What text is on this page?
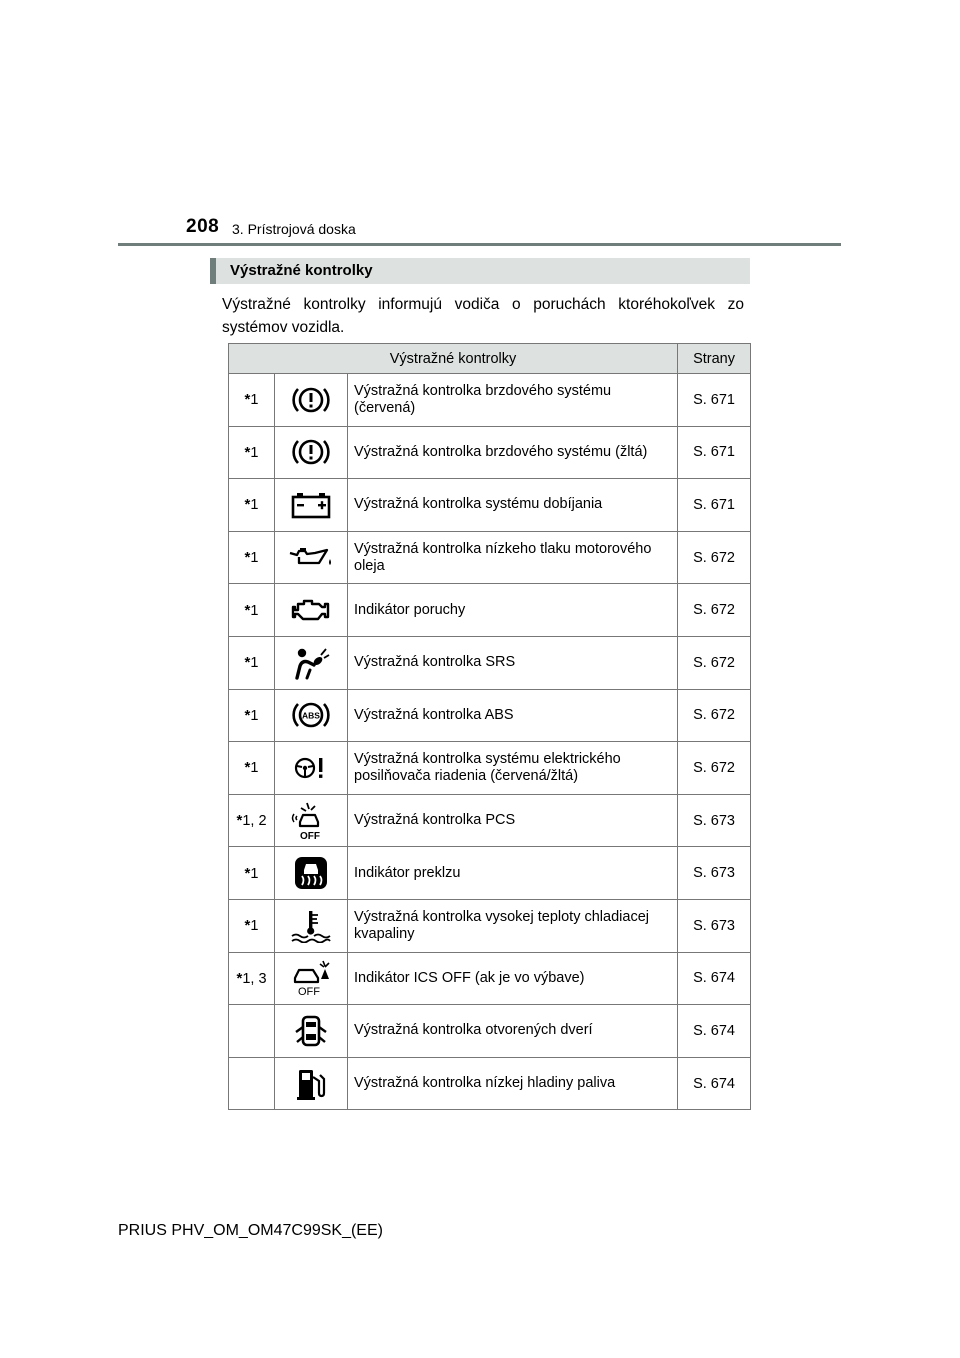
208 3. Prístrojová doska
Výstražné kontrolky
Výstražné kontrolky informujú vodiča o poruchách ktoréhokoľvek zo systémov vozidla.
Výstražné kontrolky			Strany
*1		Výstražná kontrolka brzdového systému (červená)	S. 671
*1		Výstražná kontrolka brzdového systému (žltá)	S. 671
*1		Výstražná kontrolka systému dobíjania	S. 671
*1		Výstražná kontrolka nízkeho tlaku motorového oleja	S. 672
*1		Indikátor poruchy	S. 672
*1		Výstražná kontrolka SRS	S. 672
*1	ABS	Výstražná kontrolka ABS	S. 672
*1		Výstražná kontrolka systému elektrického posilňovača riadenia (červená/žltá)	S. 672
*1, 2	OFF	Výstražná kontrolka PCS	S. 673
*1		Indikátor preklzu	S. 673
*1		Výstražná kontrolka vysokej teploty chladiacej kvapaliny	S. 673
*1, 3	OFF	Indikátor ICS OFF (ak je vo výbave)	S. 674

	Výstražná kontrolka otvorených dverí	S. 674

	Výstražná kontrolka nízkej hladiny paliva	S. 674
PRIUS PHV_OM_OM47C99SK_(EE)
